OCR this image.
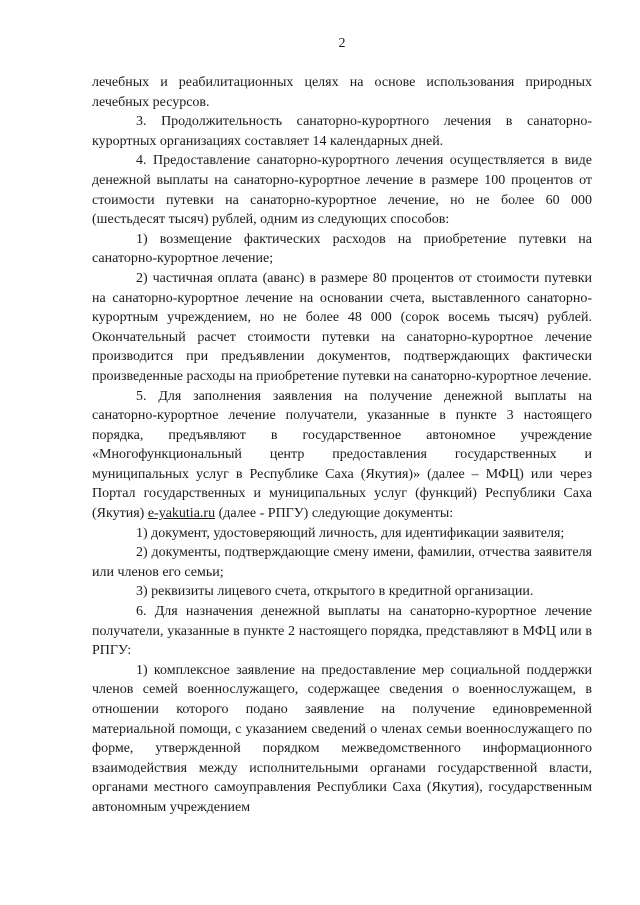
2

лечебных и реабилитационных целях на основе использования природных лечебных ресурсов.

3. Продолжительность санаторно-курортного лечения в санаторно-курортных организациях составляет 14 календарных дней.

4. Предоставление санаторно-курортного лечения осуществляется в виде денежной выплаты на санаторно-курортное лечение в размере 100 процентов от стоимости путевки на санаторно-курортное лечение, но не более 60 000 (шестьдесят тысяч) рублей, одним из следующих способов:

1) возмещение фактических расходов на приобретение путевки на санаторно-курортное лечение;

2) частичная оплата (аванс) в размере 80 процентов от стоимости путевки на санаторно-курортное лечение на основании счета, выставленного санаторно-курортным учреждением, но не более 48 000 (сорок восемь тысяч) рублей. Окончательный расчет стоимости путевки на санаторно-курортное лечение производится при предъявлении документов, подтверждающих фактически произведенные расходы на приобретение путевки на санаторно-курортное лечение.

5. Для заполнения заявления на получение денежной выплаты на санаторно-курортное лечение получатели, указанные в пункте 3 настоящего порядка, предъявляют в государственное автономное учреждение «Многофункциональный центр предоставления государственных и муниципальных услуг в Республике Саха (Якутия)» (далее – МФЦ) или через Портал государственных и муниципальных услуг (функций) Республики Саха (Якутия) e-yakutia.ru (далее - РПГУ) следующие документы:

1) документ, удостоверяющий личность, для идентификации заявителя;

2) документы, подтверждающие смену имени, фамилии, отчества заявителя или членов его семьи;

3) реквизиты лицевого счета, открытого в кредитной организации.

6. Для назначения денежной выплаты на санаторно-курортное лечение получатели, указанные в пункте 2 настоящего порядка, представляют в МФЦ или в РПГУ:

1) комплексное заявление на предоставление мер социальной поддержки членов семей военнослужащего, содержащее сведения о военнослужащем, в отношении которого подано заявление на получение единовременной материальной помощи, с указанием сведений о членах семьи военнослужащего по форме, утвержденной порядком межведомственного информационного взаимодействия между исполнительными органами государственной власти, органами местного самоуправления Республики Саха (Якутия), государственным автономным учреждением
